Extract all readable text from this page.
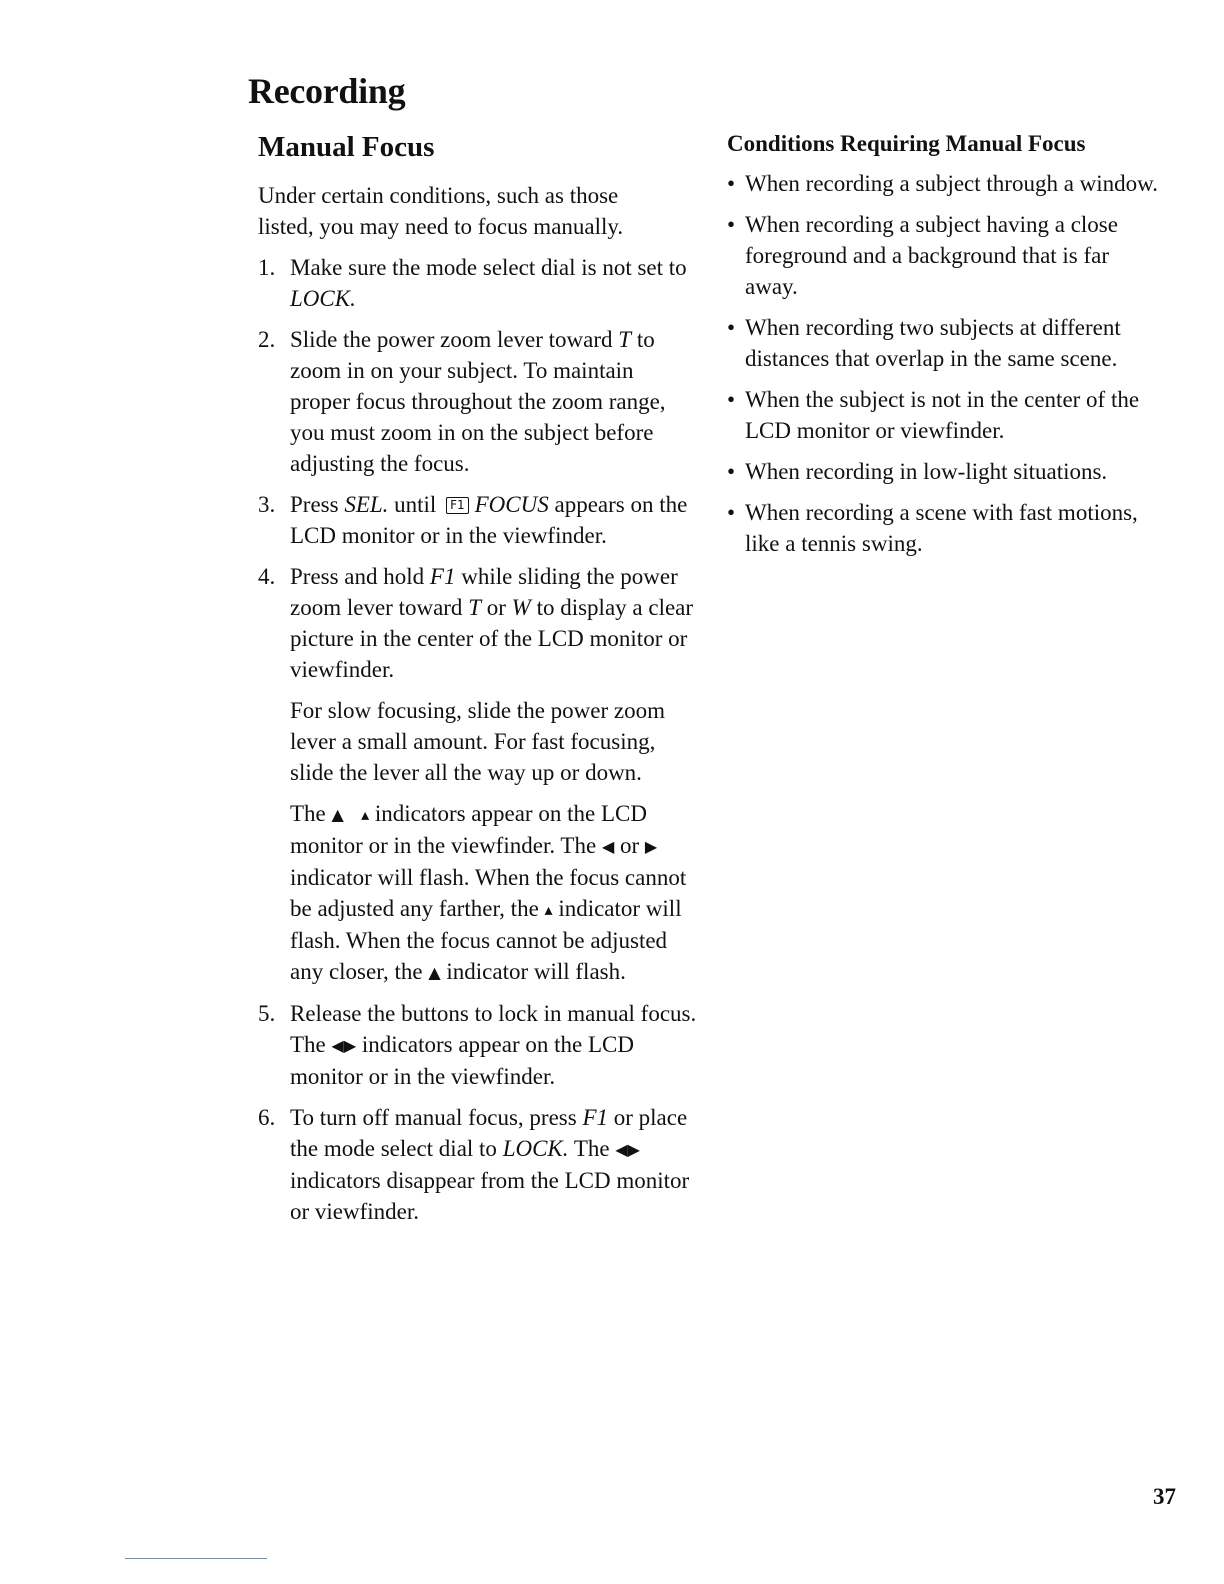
Recording
Manual Focus

Under certain conditions, such as those listed, you may need to focus manually.

1. Make sure the mode select dial is not set to LOCK.
2. Slide the power zoom lever toward T to zoom in on your subject. To maintain proper focus throughout the zoom range, you must zoom in on the subject before adjusting the focus.
3. Press SEL. until F1 FOCUS appears on the LCD monitor or in the viewfinder.
4. Press and hold F1 while sliding the power zoom lever toward T or W to display a clear picture in the center of the LCD monitor or viewfinder.

For slow focusing, slide the power zoom lever a small amount. For fast focusing, slide the lever all the way up or down.

The ▲ ▴ indicators appear on the LCD monitor or in the viewfinder. The ◀ or ▶ indicator will flash. When the focus cannot be adjusted any farther, the ▴ indicator will flash. When the focus cannot be adjusted any closer, the ▲ indicator will flash.

5. Release the buttons to lock in manual focus. The ◀▶ indicators appear on the LCD monitor or in the viewfinder.
6. To turn off manual focus, press F1 or place the mode select dial to LOCK. The ◀▶ indicators disappear from the LCD monitor or viewfinder.
Conditions Requiring Manual Focus
• When recording a subject through a window.
• When recording a subject having a close foreground and a background that is far away.
• When recording two subjects at different distances that overlap in the same scene.
• When the subject is not in the center of the LCD monitor or viewfinder.
• When recording in low-light situations.
• When recording a scene with fast motions, like a tennis swing.

37
